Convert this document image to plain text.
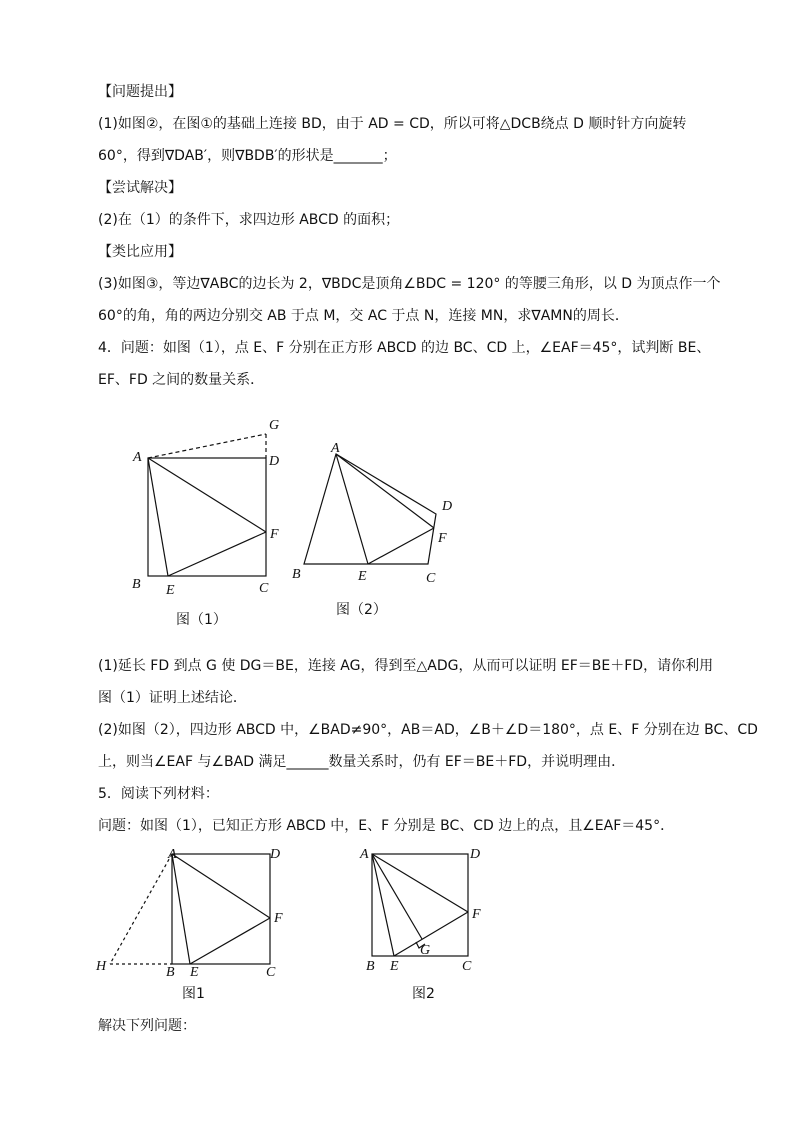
【问题提出】
(1)如图②，在图①的基础上连接 BD，由于 AD = CD，所以可将△DCB绕点 D 顺时针方向旋转
60°，得到∇DAB′，则∇BDB′的形状是_______；
【尝试解决】
(2)在（1）的条件下，求四边形 ABCD 的面积；
【类比应用】
(3)如图③，等边∇ABC的边长为 2，∇BDC是顶角∠BDC = 120° 的等腰三角形，以 D 为顶点作一个
60°的角，角的两边分别交 AB 于点 M，交 AC 于点 N，连接 MN，求∇AMN的周长．
4．问题：如图（1），点 E、F 分别在正方形 ABCD 的边 BC、CD 上，∠EAF＝45°，试判断 BE、
EF、FD 之间的数量关系．
(1)延长 FD 到点 G 使 DG＝BE，连接 AG，得到至△ADG，从而可以证明 EF＝BE＋FD，请你利用
图（1）证明上述结论．
(2)如图（2），四边形 ABCD 中，∠BAD≠90°，AB＝AD，∠B＋∠D＝180°，点 E、F 分别在边 BC、CD
上，则当∠EAF 与∠BAD 满足______数量关系时，仍有 EF＝BE＋FD，并说明理由．
5．阅读下列材料：
问题：如图（1），已知正方形 ABCD 中，E、F 分别是 BC、CD 边上的点，且∠EAF＝45°．
解决下列问题：
A
G
D
F
B E	C
图（1）
A
D
F
B	E	C
图（2）
A	D
F
H	B E	C
图1
A	D
F
G
B E	C
图2
